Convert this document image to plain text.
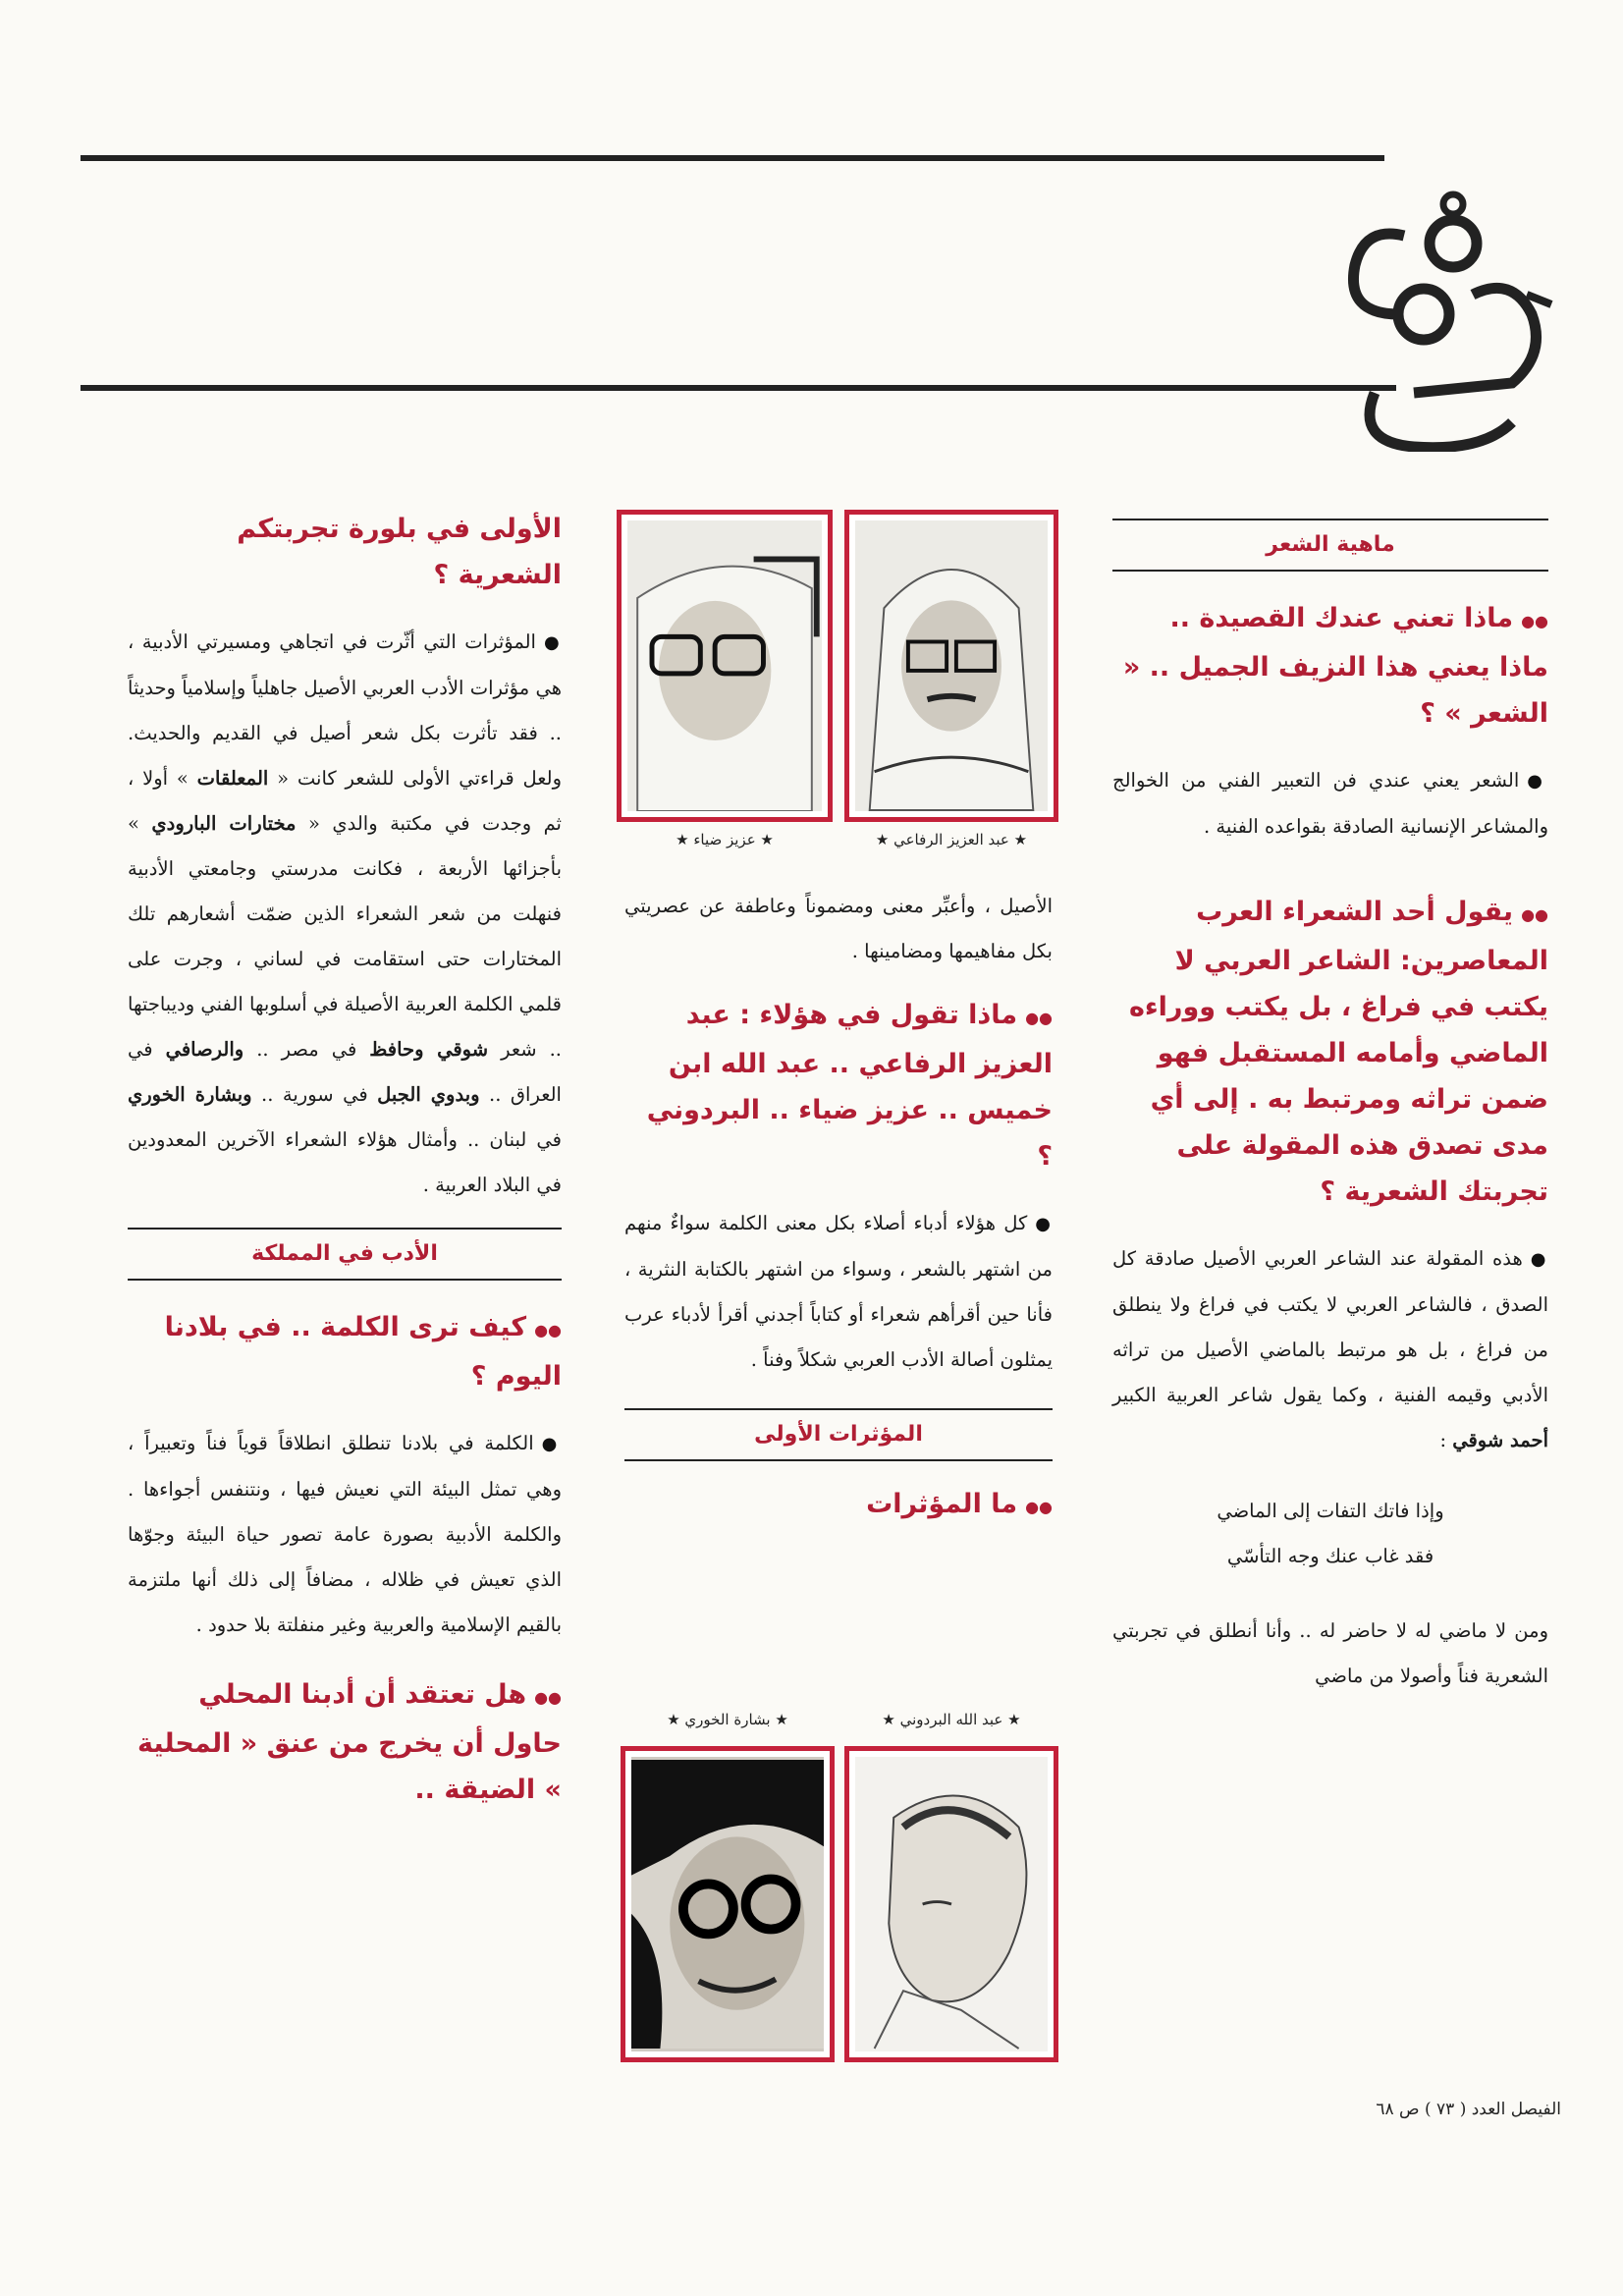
ماهية الشعر
●●ماذا تعني عندك القصيدة .. ماذا يعني هذا النزيف الجميل .. « الشعر » ؟

●الشعر يعني عندي فن التعبير الفني من الخوالج والمشاعر الإنسانية الصادقة بقواعده الفنية .

●●يقول أحد الشعراء العرب المعاصرين: الشاعر العربي لا يكتب في فراغ ، بل يكتب ووراءه الماضي وأمامه المستقبل فهو ضمن تراثه ومرتبط به . إلى أي مدى تصدق هذه المقولة على تجربتك الشعرية ؟

●هذه المقولة عند الشاعر العربي الأصيل صادقة كل الصدق ، فالشاعر العربي لا يكتب في فراغ ولا ينطلق من فراغ ، بل هو مرتبط بالماضي الأصيل من تراثه الأدبي وقيمه الفنية ، وكما يقول شاعر العربية الكبير أحمد شوقي :

وإذا فاتك التفات إلى الماضي
فقد غاب عنك وجه التأسّي

ومن لا ماضي له لا حاضر له .. وأنا أنطلق في تجربتي الشعرية فناً وأصولا من ماضي

★ عبد العزيز الرفاعي ★
★ عزيز ضياء ★

الأصيل ، وأعبِّر معنى ومضموناً وعاطفة عن عصريتي بكل مفاهيمها ومضامينها .

●●ماذا تقول في هؤلاء : عبد العزيز الرفاعي .. عبد الله ابن خميس .. عزيز ضياء .. البردوني ؟

●كل هؤلاء أدباء أصلاء بكل معنى الكلمة سواءٌ منهم من اشتهر بالشعر ، وسواء من اشتهر بالكتابة النثرية ، فأنا حين أقرأهم شعراء أو كتاباً أجدني أقرأ لأدباء عرب يمثلون أصالة الأدب العربي شكلاً وفناً .

المؤثرات الأولى
●●ما المؤثرات
★ عبد الله البردوني ★
★ بشارة الخوري ★
الأولى في بلورة تجربتكم الشعرية ؟

●المؤثرات التي أثّرت في اتجاهي ومسيرتي الأدبية ، هي مؤثرات الأدب العربي الأصيل جاهلياً وإسلامياً وحديثاً .. فقد تأثرت بكل شعر أصيل في القديم والحديث. ولعل قراءتي الأولى للشعر كانت « المعلقات » أولا ، ثم وجدت في مكتبة والدي « مختارات البارودي » بأجزائها الأربعة ، فكانت مدرستي وجامعتي الأدبية فنهلت من شعر الشعراء الذين ضمّت أشعارهم تلك المختارات حتى استقامت في لساني ، وجرت على قلمي الكلمة العربية الأصيلة في أسلوبها الفني وديباجتها .. شعر شوقي وحافظ في مصر .. والرصافي في العراق .. وبدوي الجبل في سورية .. وبشارة الخوري في لبنان .. وأمثال هؤلاء الشعراء الآخرين المعدودين في البلاد العربية .

الأدب في المملكة
●●كيف ترى الكلمة .. في بلادنا اليوم ؟

●الكلمة في بلادنا تنطلق انطلاقاً قوياً فناً وتعبيراً ، وهي تمثل البيئة التي نعيش فيها ، ونتنفس أجواءها . والكلمة الأدبية بصورة عامة تصور حياة البيئة وجوّها الذي تعيش في ظلاله ، مضافاً إلى ذلك أنها ملتزمة بالقيم الإسلامية والعربية وغير منفلتة بلا حدود .

●●هل تعتقد أن أدبنا المحلي حاول أن يخرج من عنق « المحلية » الضيقة ..
الفيصل العدد ( ٧٣ ) ص ٦٨
